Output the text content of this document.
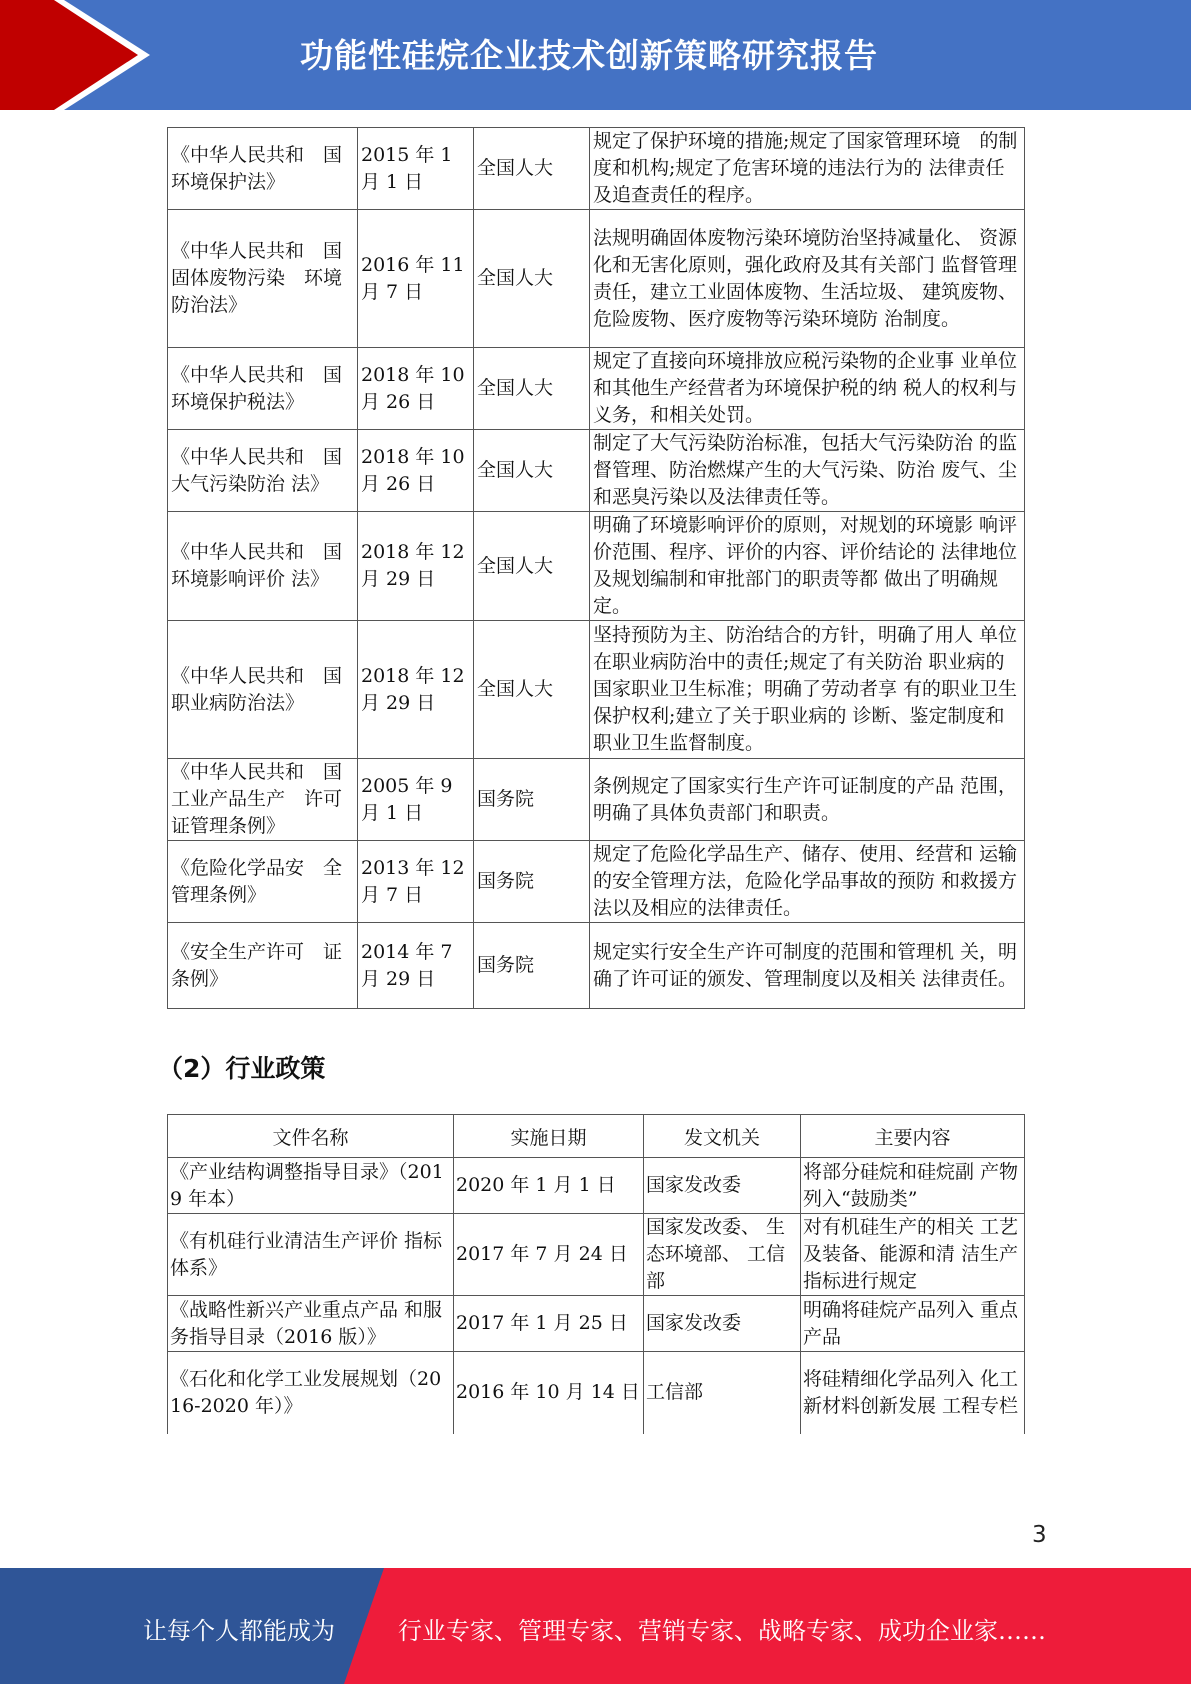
功能性硅烷企业技术创新策略研究报告
《中华人民共和　国环境保护法》	2015 年 1 月 1 日	全国人大	规定了保护环境的措施;规定了国家管理环境　的制度和机构;规定了危害环境的违法行为的 法律责任及追查责任的程序。
《中华人民共和　国固体废物污染　环境防治法》	2016 年 11 月 7 日	全国人大	法规明确固体废物污染环境防治坚持减量化、 资源化和无害化原则，强化政府及其有关部门 监督管理责任，建立工业固体废物、生活垃圾、 建筑废物、危险废物、医疗废物等污染环境防 治制度。
《中华人民共和　国环境保护税法》	2018 年 10 月 26 日	全国人大	规定了直接向环境排放应税污染物的企业事 业单位和其他生产经营者为环境保护税的纳 税人的权利与义务，和相关处罚。
《中华人民共和　国大气污染防治 法》	2018 年 10 月 26 日	全国人大	制定了大气污染防治标准，包括大气污染防治 的监督管理、防治燃煤产生的大气污染、防治 废气、尘和恶臭污染以及法律责任等。
《中华人民共和　国环境影响评价 法》	2018 年 12 月 29 日	全国人大	明确了环境影响评价的原则，对规划的环境影 响评价范围、程序、评价的内容、评价结论的 法律地位及规划编制和审批部门的职责等都 做出了明确规定。
《中华人民共和　国职业病防治法》	2018 年 12 月 29 日	全国人大	坚持预防为主、防治结合的方针，明确了用人 单位在职业病防治中的责任;规定了有关防治 职业病的国家职业卫生标准；明确了劳动者享 有的职业卫生保护权利;建立了关于职业病的 诊断、鉴定制度和职业卫生监督制度。
《中华人民共和　国工业产品生产　许可证管理条例》	2005 年 9 月 1 日	国务院	条例规定了国家实行生产许可证制度的产品 范围，明确了具体负责部门和职责。
《危险化学品安　全管理条例》	2013 年 12 月 7 日	国务院	规定了危险化学品生产、储存、使用、经营和 运输的安全管理方法，危险化学品事故的预防 和救援方法以及相应的法律责任。
《安全生产许可　证条例》	2014 年 7 月 29 日	国务院	规定实行安全生产许可制度的范围和管理机 关，明确了许可证的颁发、管理制度以及相关 法律责任。
（2）行业政策
文件名称	实施日期	发文机关	主要内容
《产业结构调整指导目录》（2019 年本）	2020 年 1 月 1 日	国家发改委	将部分硅烷和硅烷副 产物列入“鼓励类”
《有机硅行业清洁生产评价 指标体系》	2017 年 7 月 24 日	国家发改委、 生态环境部、 工信部	对有机硅生产的相关 工艺及装备、能源和清 洁生产指标进行规定
《战略性新兴产业重点产品 和服务指导目录（2016 版）》	2017 年 1 月 25 日	国家发改委	明确将硅烷产品列入 重点产品
《石化和化学工业发展规划（2016-2020 年）》	2016 年 10 月 14 日	工信部	将硅精细化学品列入 化工新材料创新发展 工程专栏
3
让每个人都能成为	行业专家、管理专家、营销专家、战略专家、成功企业家……
